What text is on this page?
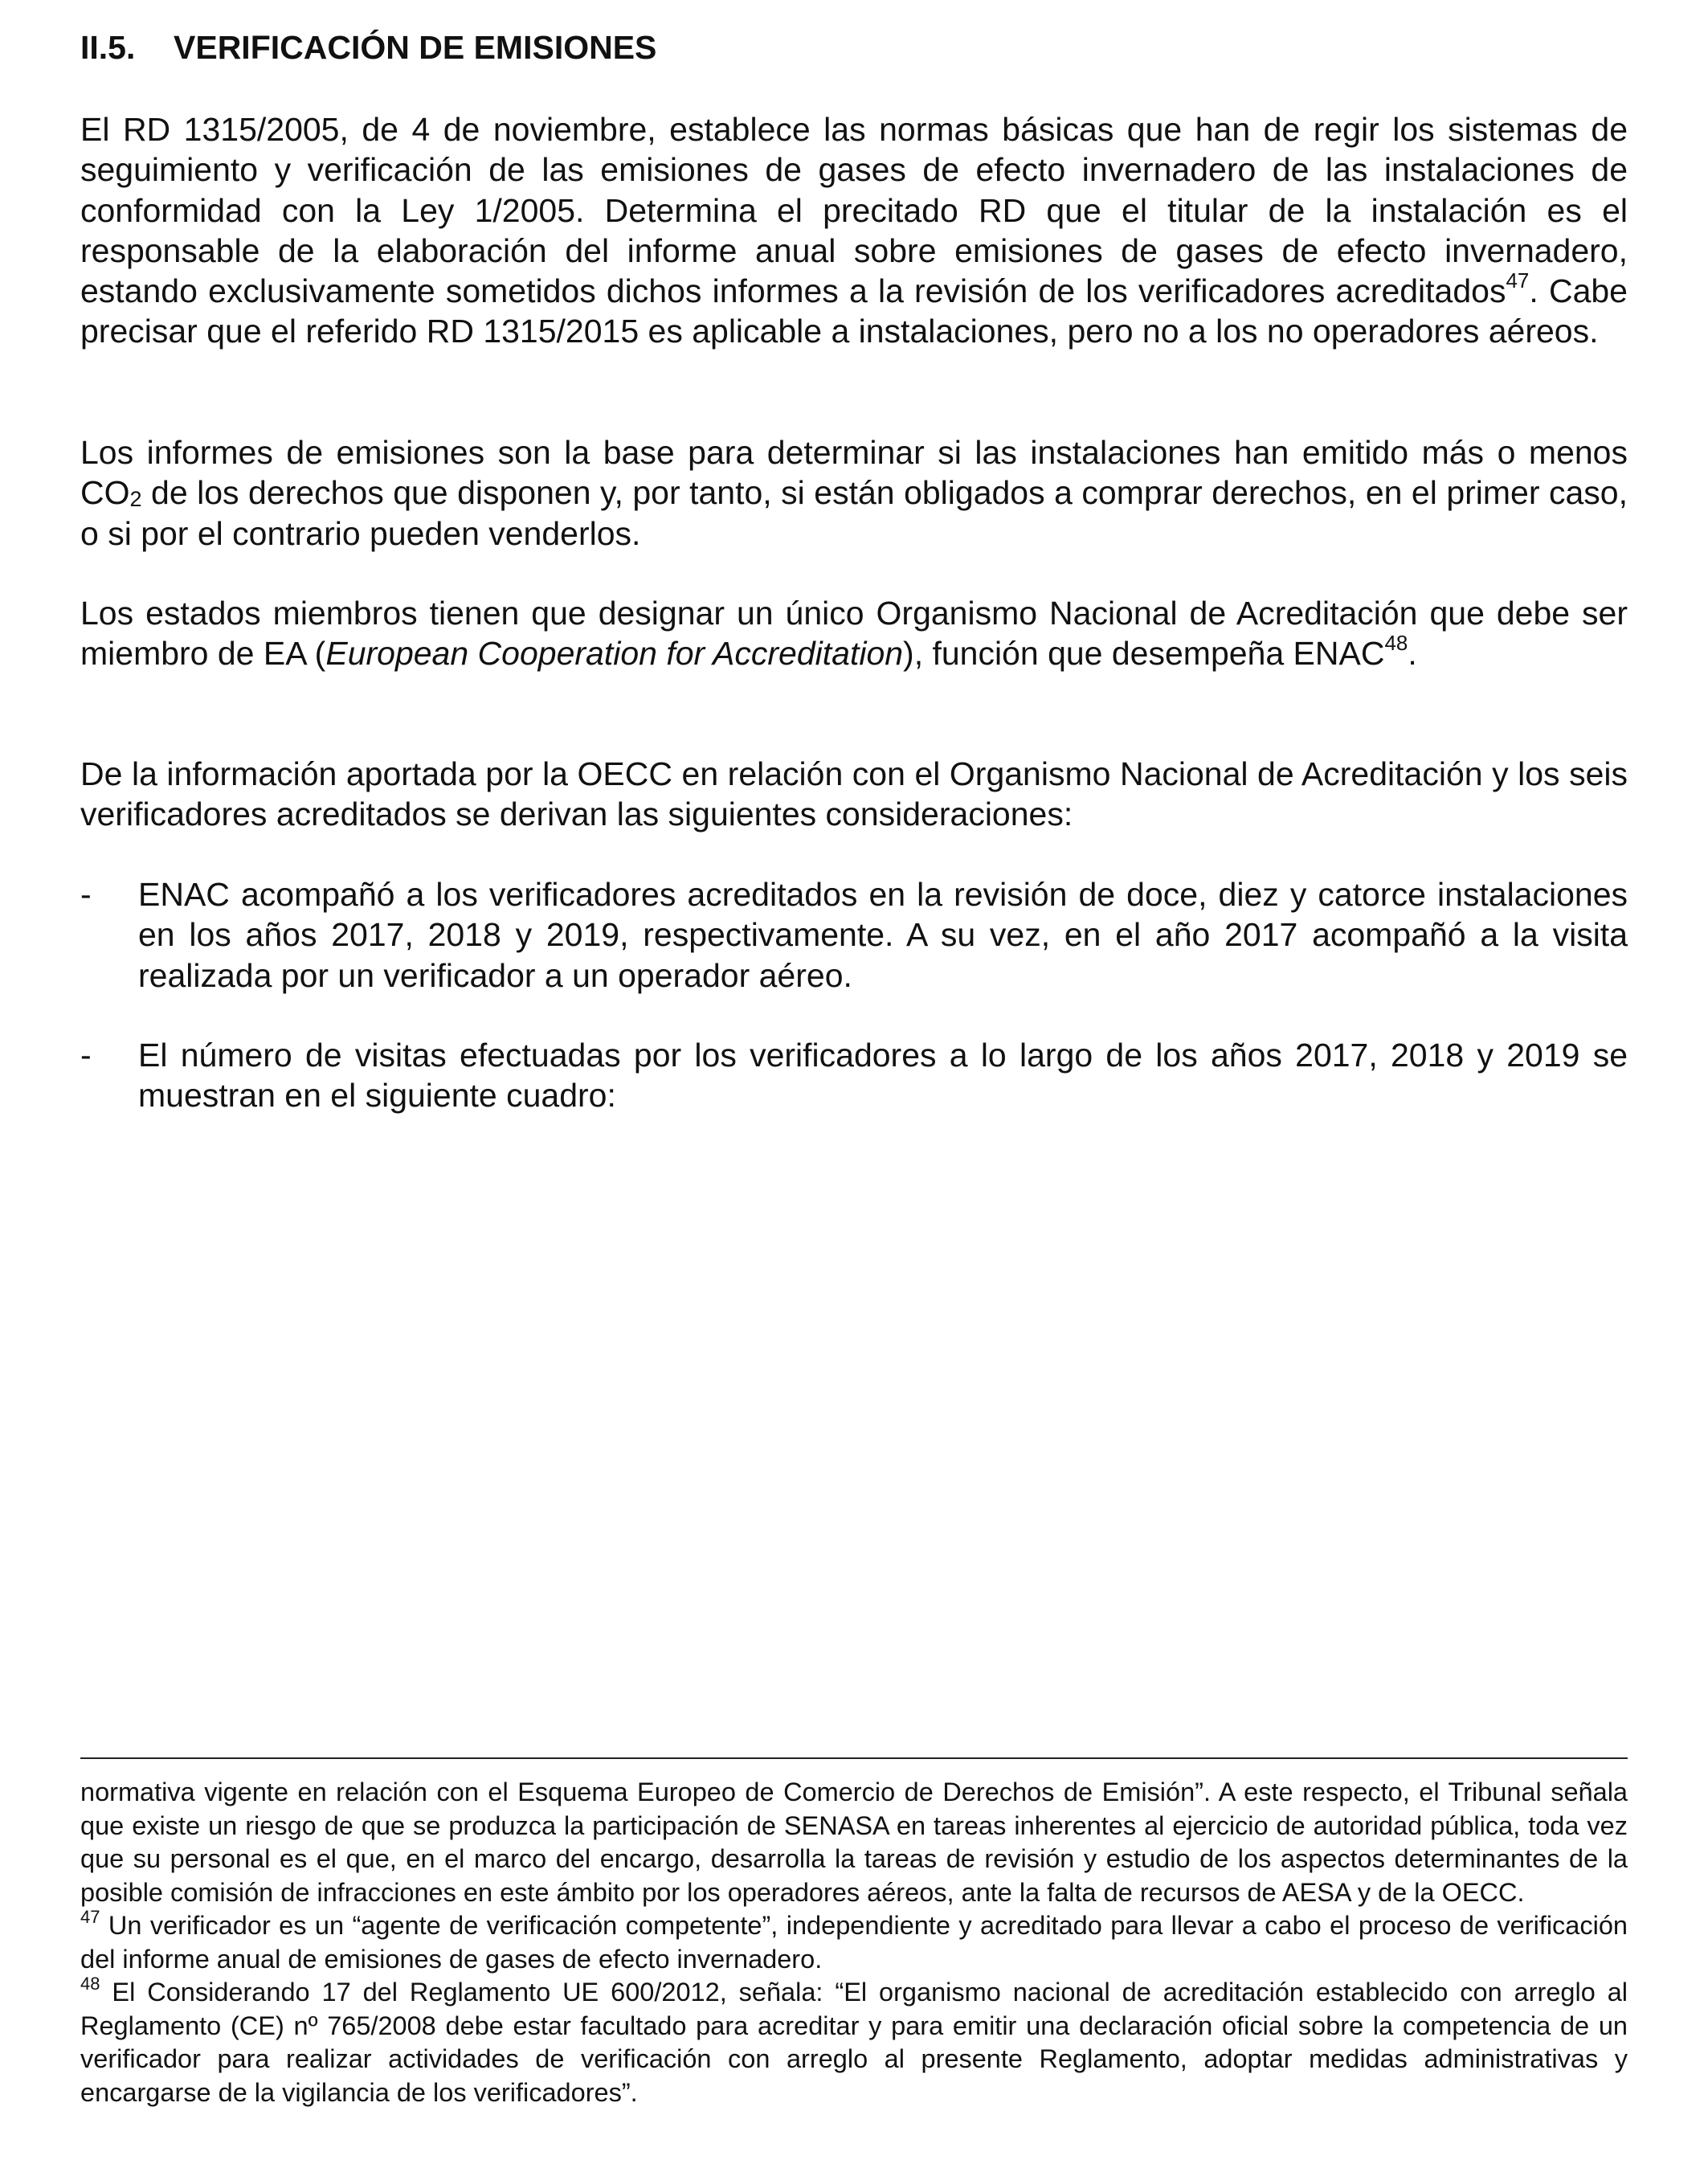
II.5. VERIFICACIÓN DE EMISIONES

El RD 1315/2005, de 4 de noviembre, establece las normas básicas que han de regir los sistemas de seguimiento y verificación de las emisiones de gases de efecto invernadero de las instalaciones de conformidad con la Ley 1/2005. Determina el precitado RD que el titular de la instalación es el responsable de la elaboración del informe anual sobre emisiones de gases de efecto invernadero, estando exclusivamente sometidos dichos informes a la revisión de los verificadores acreditados$^{47}$. Cabe precisar que el referido RD 1315/2015 es aplicable a instalaciones, pero no a los no operadores aéreos.

Los informes de emisiones son la base para determinar si las instalaciones han emitido más o menos $CO_2$ de los derechos que disponen y, por tanto, si están obligados a comprar derechos, en el primer caso, o si por el contrario pueden venderlos.

Los estados miembros tienen que designar un único Organismo Nacional de Acreditación que debe ser miembro de EA (European Cooperation for Accreditation), función que desempeña ENAC$^{48}$.

De la información aportada por la OECC en relación con el Organismo Nacional de Acreditación y los seis verificadores acreditados se derivan las siguientes consideraciones:

- ENAC acompañó a los verificadores acreditados en la revisión de doce, diez y catorce instalaciones en los años 2017, 2018 y 2019, respectivamente. A su vez, en el año 2017 acompañó a la visita realizada por un verificador a un operador aéreo.

- El número de visitas efectuadas por los verificadores a lo largo de los años 2017, 2018 y 2019 se muestran en el siguiente cuadro:

normativa vigente en relación con el Esquema Europeo de Comercio de Derechos de Emisión”. A este respecto, el Tribunal señala que existe un riesgo de que se produzca la participación de SENASA en tareas inherentes al ejercicio de autoridad pública, toda vez que su personal es el que, en el marco del encargo, desarrolla la tareas de revisión y estudio de los aspectos determinantes de la posible comisión de infracciones en este ámbito por los operadores aéreos, ante la falta de recursos de AESA y de la OECC.

$^{47}$ Un verificador es un “agente de verificación competente”, independiente y acreditado para llevar a cabo el proceso de verificación del informe anual de emisiones de gases de efecto invernadero.

$^{48}$ El Considerando 17 del Reglamento UE 600/2012, señala: “El organismo nacional de acreditación establecido con arreglo al Reglamento (CE) nº 765/2008 debe estar facultado para acreditar y para emitir una declaración oficial sobre la competencia de un verificador para realizar actividades de verificación con arreglo al presente Reglamento, adoptar medidas administrativas y encargarse de la vigilancia de los verificadores”.
